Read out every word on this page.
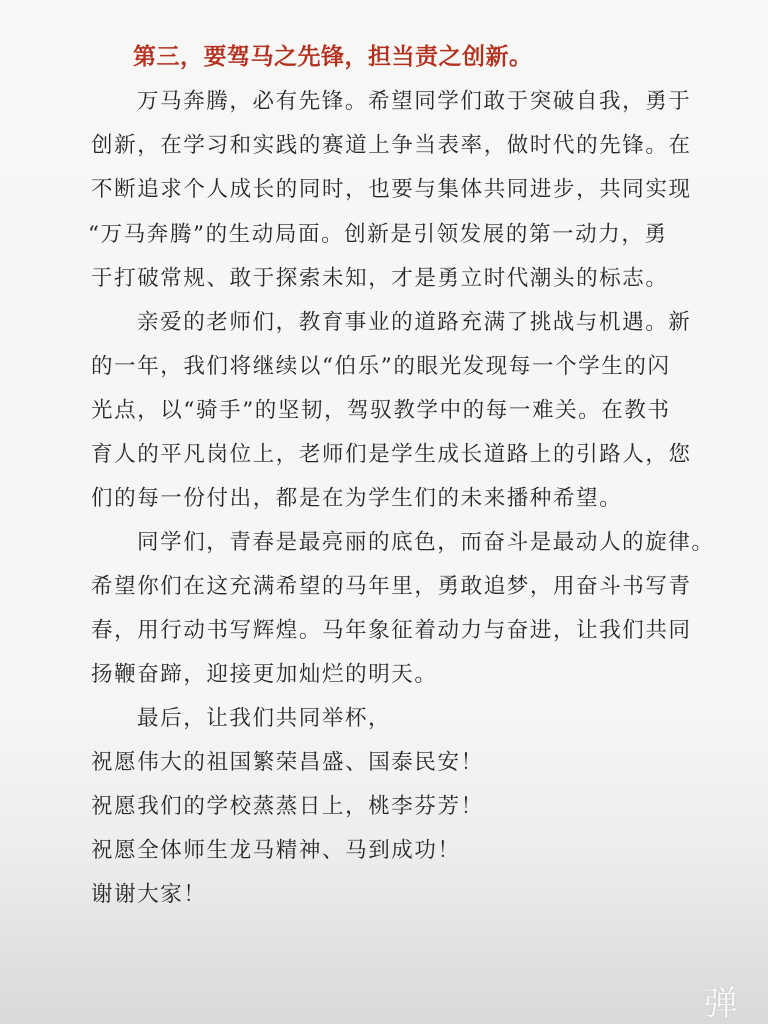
第三，要驾马之先锋，担当责之创新。
万马奔腾，必有先锋。希望同学们敢于突破自我，勇于
创新，在学习和实践的赛道上争当表率，做时代的先锋。在
不断追求个人成长的同时，也要与集体共同进步，共同实现
“万马奔腾”的生动局面。创新是引领发展的第一动力，勇
于打破常规、敢于探索未知，才是勇立时代潮头的标志。
亲爱的老师们，教育事业的道路充满了挑战与机遇。新
的一年，我们将继续以“伯乐”的眼光发现每一个学生的闪
光点，以“骑手”的坚韧，驾驭教学中的每一难关。在教书
育人的平凡岗位上，老师们是学生成长道路上的引路人，您
们的每一份付出，都是在为学生们的未来播种希望。
同学们，青春是最亮丽的底色，而奋斗是最动人的旋律。
希望你们在这充满希望的马年里，勇敢追梦，用奋斗书写青
春，用行动书写辉煌。马年象征着动力与奋进，让我们共同
扬鞭奋蹄，迎接更加灿烂的明天。
最后，让我们共同举杯，
祝愿伟大的祖国繁荣昌盛、国泰民安！
祝愿我们的学校蒸蒸日上，桃李芬芳！
祝愿全体师生龙马精神、马到成功！
谢谢大家！
弹
